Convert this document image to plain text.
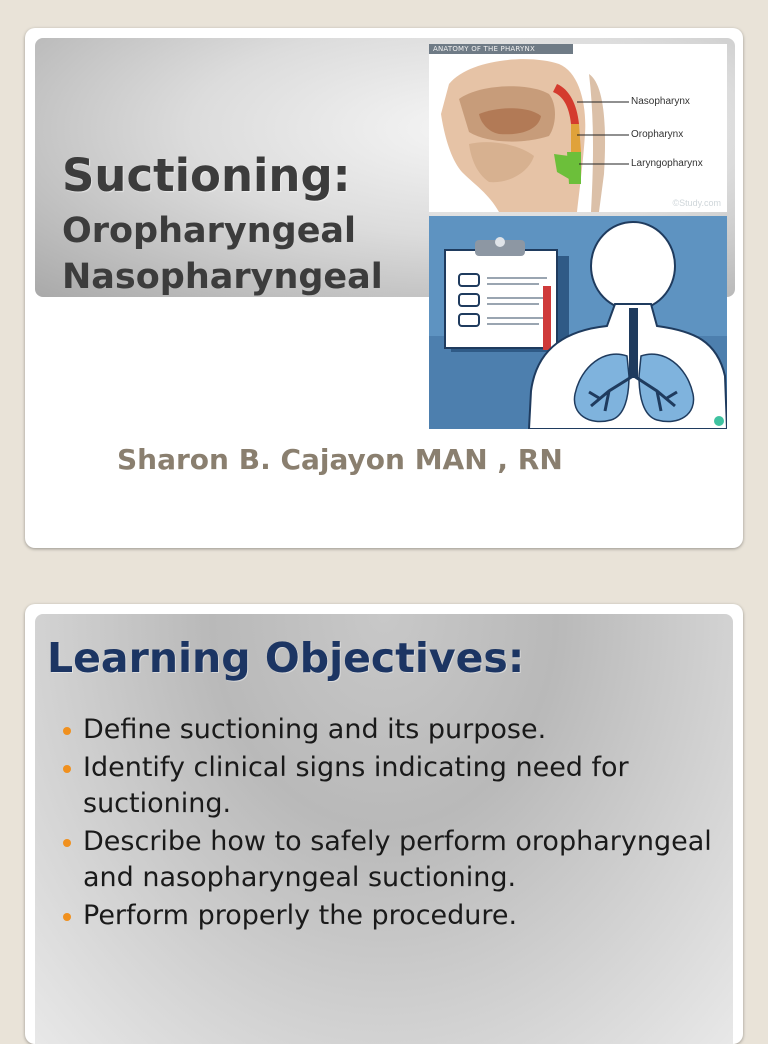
Suctioning:
Oropharyngeal
Nasopharyngeal
ANATOMY OF THE PHARYNX
Nasopharynx
Oropharynx
Laryngopharynx
©Study.com

Sharon B. Cajayon MAN , RN

Learning Objectives:
Define suctioning and its purpose.
Identify clinical signs indicating need for suctioning.
Describe how to safely perform oropharyngeal and nasopharyngeal suctioning.
Perform properly the procedure.
